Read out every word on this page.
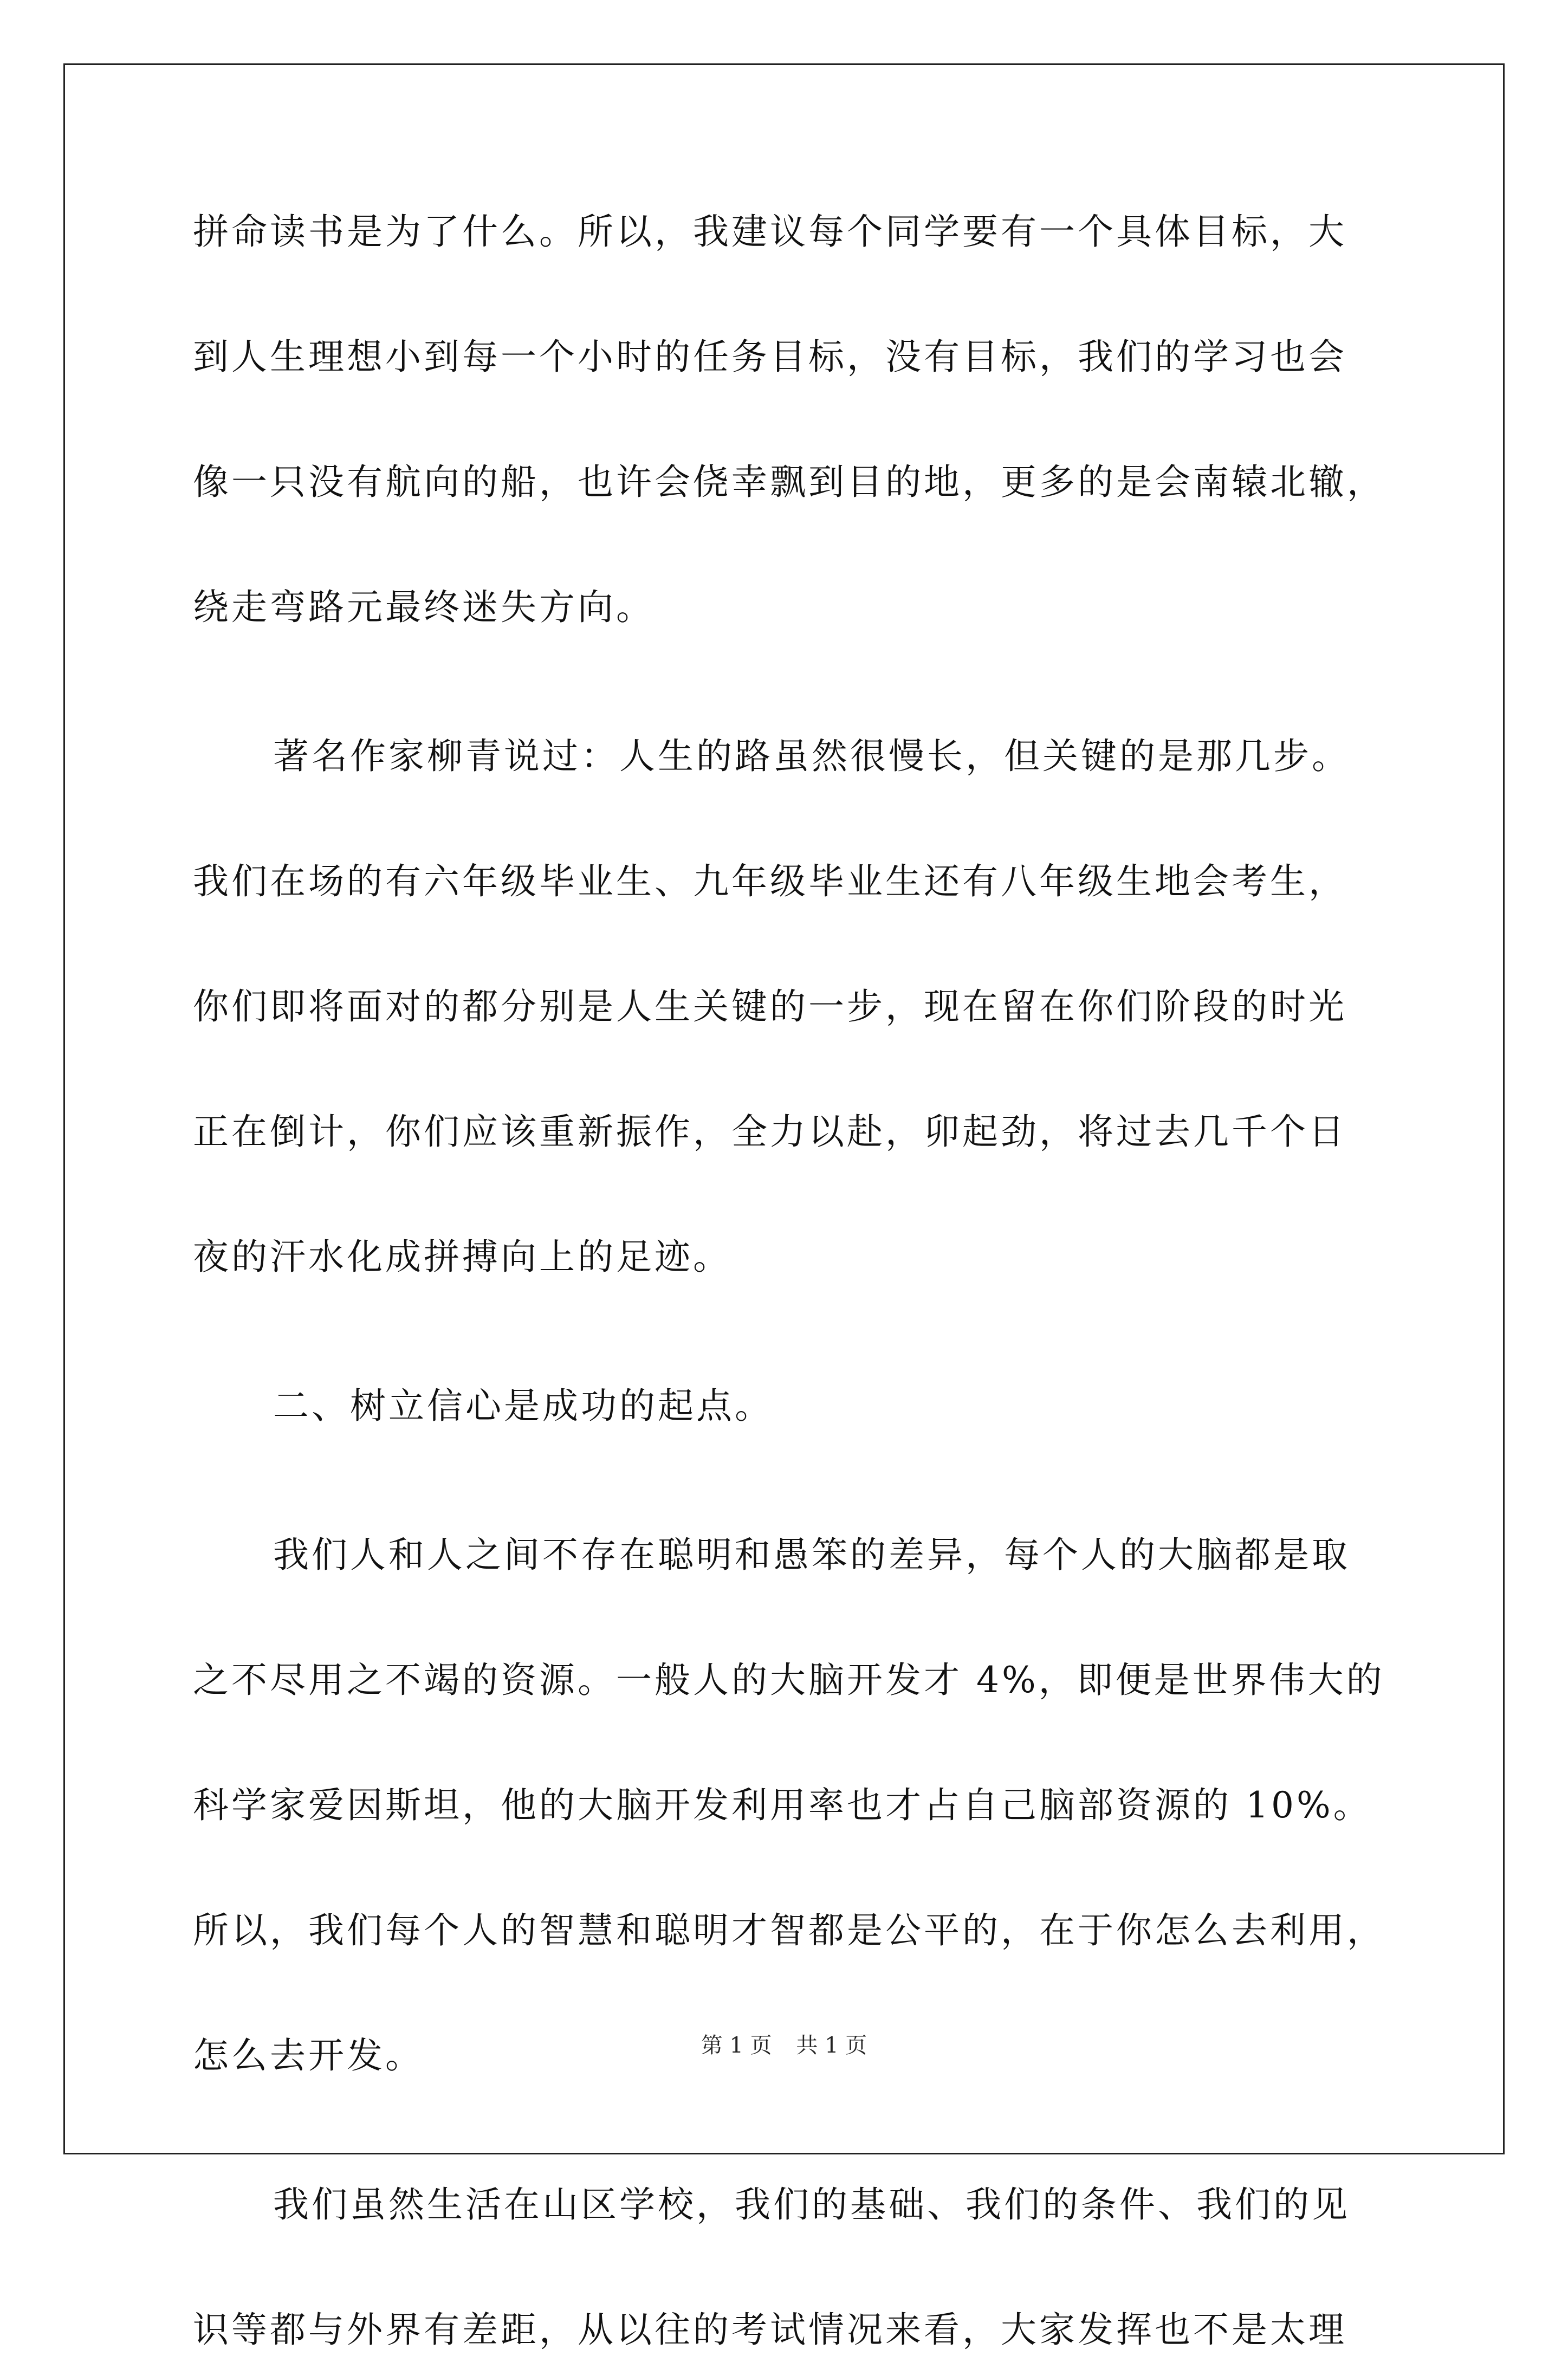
拼命读书是为了什么。所以，我建议每个同学要有一个具体目标，大
到人生理想小到每一个小时的任务目标，没有目标，我们的学习也会
像一只没有航向的船，也许会侥幸飘到目的地，更多的是会南辕北辙，
绕走弯路元最终迷失方向。
著名作家柳青说过：人生的路虽然很慢长，但关键的是那几步。
我们在场的有六年级毕业生、九年级毕业生还有八年级生地会考生，
你们即将面对的都分别是人生关键的一步，现在留在你们阶段的时光
正在倒计，你们应该重新振作，全力以赴，卯起劲，将过去几千个日
夜的汗水化成拼搏向上的足迹。
二、树立信心是成功的起点。
我们人和人之间不存在聪明和愚笨的差异，每个人的大脑都是取
之不尽用之不竭的资源。一般人的大脑开发才 4%，即便是世界伟大的
科学家爱因斯坦，他的大脑开发利用率也才占自己脑部资源的 10%。
所以，我们每个人的智慧和聪明才智都是公平的，在于你怎么去利用，
怎么去开发。
我们虽然生活在山区学校，我们的基础、我们的条件、我们的见
识等都与外界有差距，从以往的考试情况来看，大家发挥也不是太理
第 1 页 共 1 页
